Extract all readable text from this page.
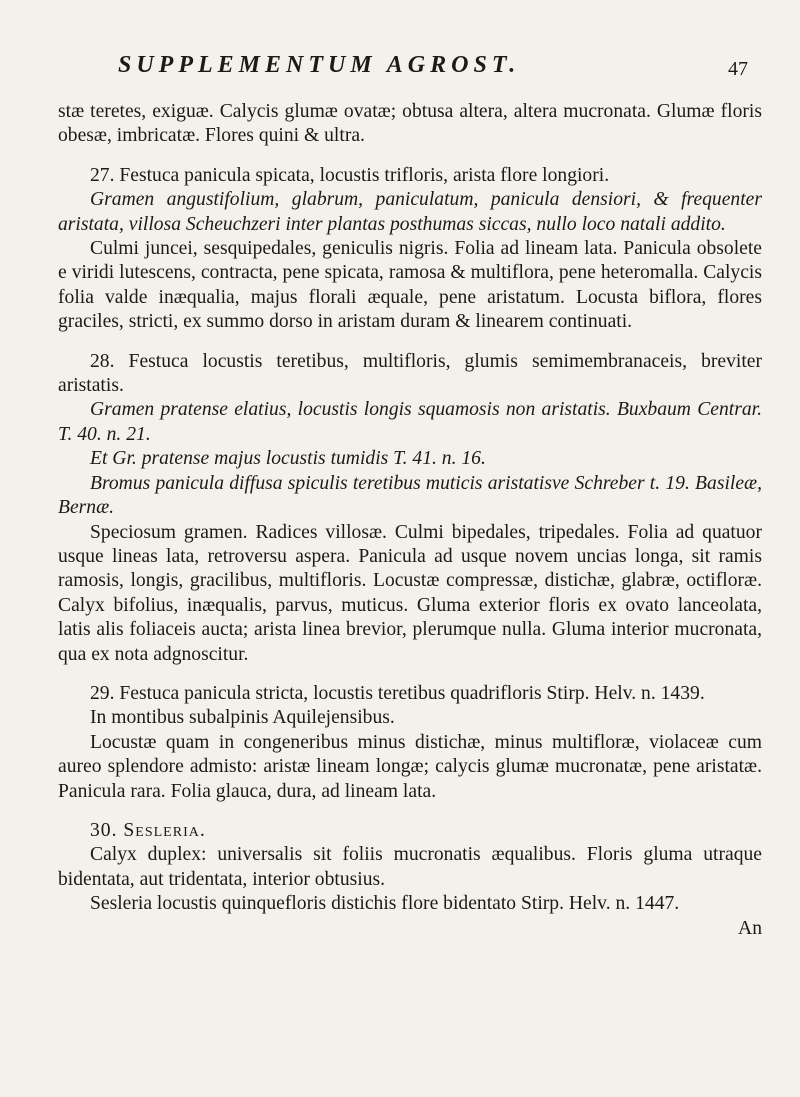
SUPPLEMENTUM AGROST.	47

stæ teretes, exiguæ. Calycis glumæ ovatæ; obtusa altera, altera mucronata. Glumæ floris obesæ, imbricatæ. Flores quini & ultra.

27. Festuca panicula spicata, locustis trifloris, arista flore longiori.

Gramen angustifolium, glabrum, paniculatum, panicula densiori, & frequenter aristata, villosa Scheuchzeri inter plantas posthumas siccas, nullo loco natali addito.

Culmi juncei, sesquipedales, geniculis nigris. Folia ad lineam lata. Panicula obsolete e viridi lutescens, contracta, pene spicata, ramosa & multiflora, pene heteromalla. Calycis folia valde inæqualia, majus florali æquale, pene aristatum. Locusta biflora, flores graciles, stricti, ex summo dorso in aristam duram & linearem continuati.

28. Festuca locustis teretibus, multifloris, glumis semimembranaceis, breviter aristatis.

Gramen pratense elatius, locustis longis squamosis non aristatis. Buxbaum Centrar. T. 40. n. 21.

Et Gr. pratense majus locustis tumidis T. 41. n. 16.

Bromus panicula diffusa spiculis teretibus muticis aristatisve Schreber t. 19. Basileæ, Bernæ.

Speciosum gramen. Radices villosæ. Culmi bipedales, tripedales. Folia ad quatuor usque lineas lata, retroversu aspera. Panicula ad usque novem uncias longa, sit ramis ramosis, longis, gracilibus, multifloris. Locustæ compressæ, distichæ, glabræ, octifloræ. Calyx bifolius, inæqualis, parvus, muticus. Gluma exterior floris ex ovato lanceolata, latis alis foliaceis aucta; arista linea brevior, plerumque nulla. Gluma interior mucronata, qua ex nota adgnoscitur.

29. Festuca panicula stricta, locustis teretibus quadrifloris Stirp. Helv. n. 1439.

In montibus subalpinis Aquilejensibus.

Locustæ quam in congeneribus minus distichæ, minus multifloræ, violaceæ cum aureo splendore admisto: aristæ lineam longæ; calycis glumæ mucronatæ, pene aristatæ. Panicula rara. Folia glauca, dura, ad lineam lata.

30. Sesleria.

Calyx duplex: universalis sit foliis mucronatis æqualibus. Floris gluma utraque bidentata, aut tridentata, interior obtusius.

Sesleria locustis quinquefloris distichis flore bidentato Stirp. Helv. n. 1447.

An
